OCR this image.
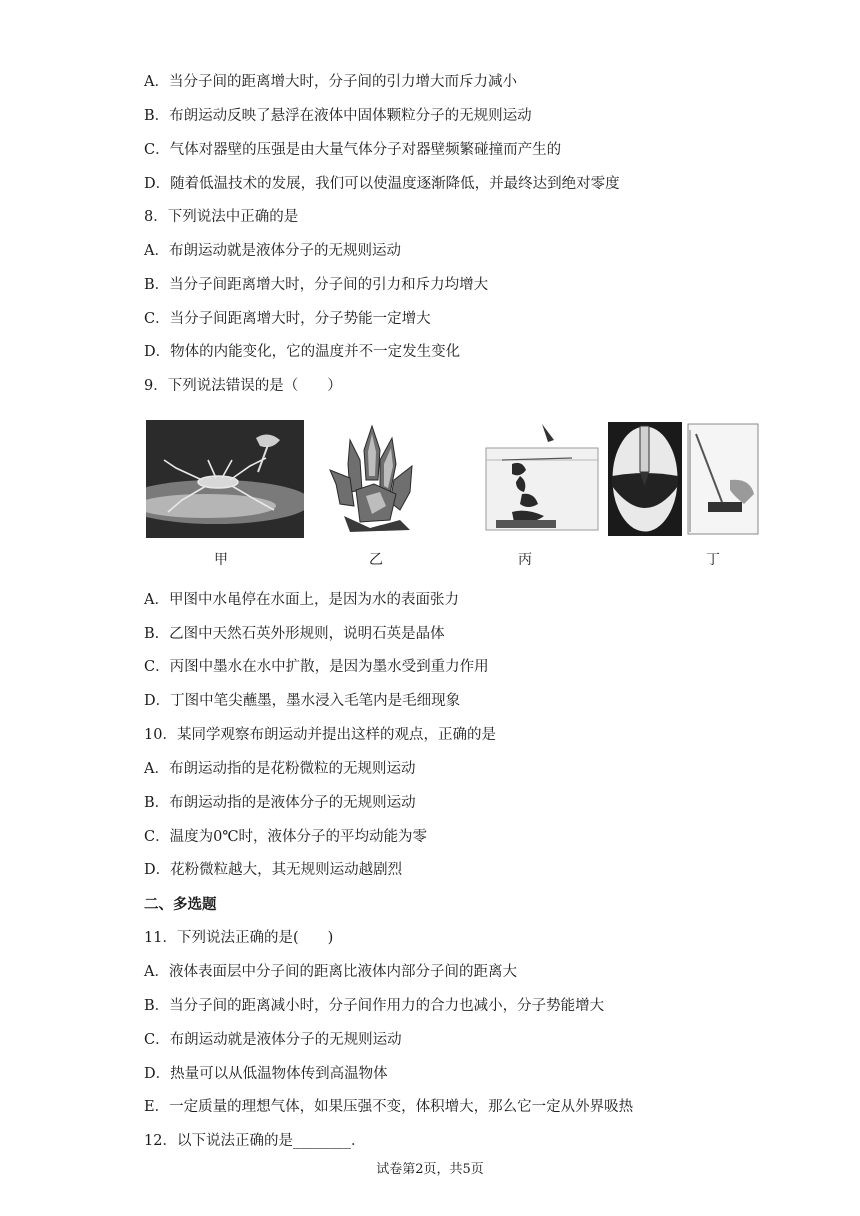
A．当分子间的距离增大时，分子间的引力增大而斥力减小
B．布朗运动反映了悬浮在液体中固体颗粒分子的无规则运动
C．气体对器壁的压强是由大量气体分子对器壁频繁碰撞而产生的
D．随着低温技术的发展，我们可以使温度逐渐降低，并最终达到绝对零度
8．下列说法中正确的是
A．布朗运动就是液体分子的无规则运动
B．当分子间距离增大时，分子间的引力和斥力均增大
C．当分子间距离增大时，分子势能一定增大
D．物体的内能变化，它的温度并不一定发生变化
9．下列说法错误的是（　　）
甲	乙	丙	丁
A．甲图中水黾停在水面上，是因为水的表面张力
B．乙图中天然石英外形规则，说明石英是晶体
C．丙图中墨水在水中扩散，是因为墨水受到重力作用
D．丁图中笔尖蘸墨，墨水浸入毛笔内是毛细现象
10．某同学观察布朗运动并提出这样的观点，正确的是
A．布朗运动指的是花粉微粒的无规则运动
B．布朗运动指的是液体分子的无规则运动
C．温度为0℃时，液体分子的平均动能为零
D．花粉微粒越大，其无规则运动越剧烈
二、多选题
11．下列说法正确的是(　　)
A．液体表面层中分子间的距离比液体内部分子间的距离大
B．当分子间的距离减小时，分子间作用力的合力也减小，分子势能增大
C．布朗运动就是液体分子的无规则运动
D．热量可以从低温物体传到高温物体
E．一定质量的理想气体，如果压强不变，体积增大，那么它一定从外界吸热
12．以下说法正确的是________．
试卷第2页，共5页
